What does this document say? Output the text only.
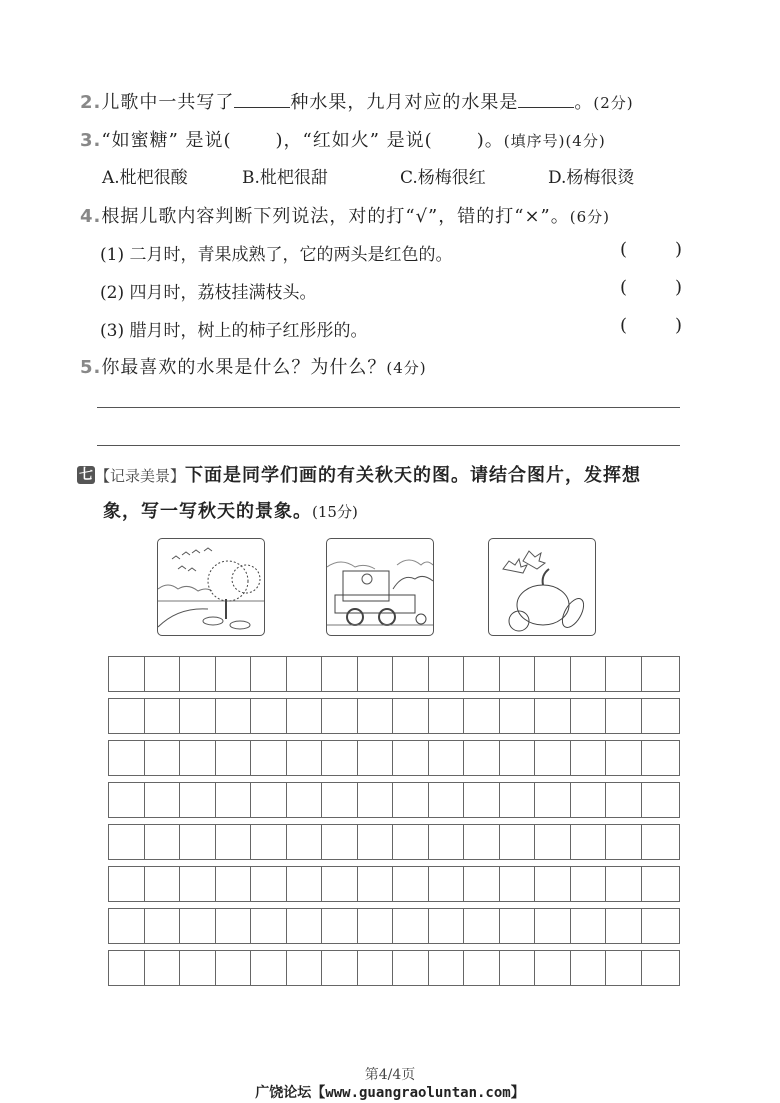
2.儿歌中一共写了	种水果，九月对应的水果是	。(2分)
3.“如蜜糖” 是说( )，“红如火” 是说( )。(填序号)(4分)
A.枇杷很酸	B.枇杷很甜	C.杨梅很红	D.杨梅很烫
4.根据儿歌内容判断下列说法，对的打“√”，错的打“×”。(6分)
(1) 二月时，青果成熟了，它的两头是红色的。	(	)
(2) 四月时，荔枝挂满枝头。	(	)
(3) 腊月时，树上的柿子红彤彤的。	(	)
5.你最喜欢的水果是什么？为什么？(4分)
七 【记录美景】下面是同学们画的有关秋天的图。请结合图片，发挥想
象，写一写秋天的景象。(15分)
第4/4页
广饶论坛【www.guangraoluntan.com】
